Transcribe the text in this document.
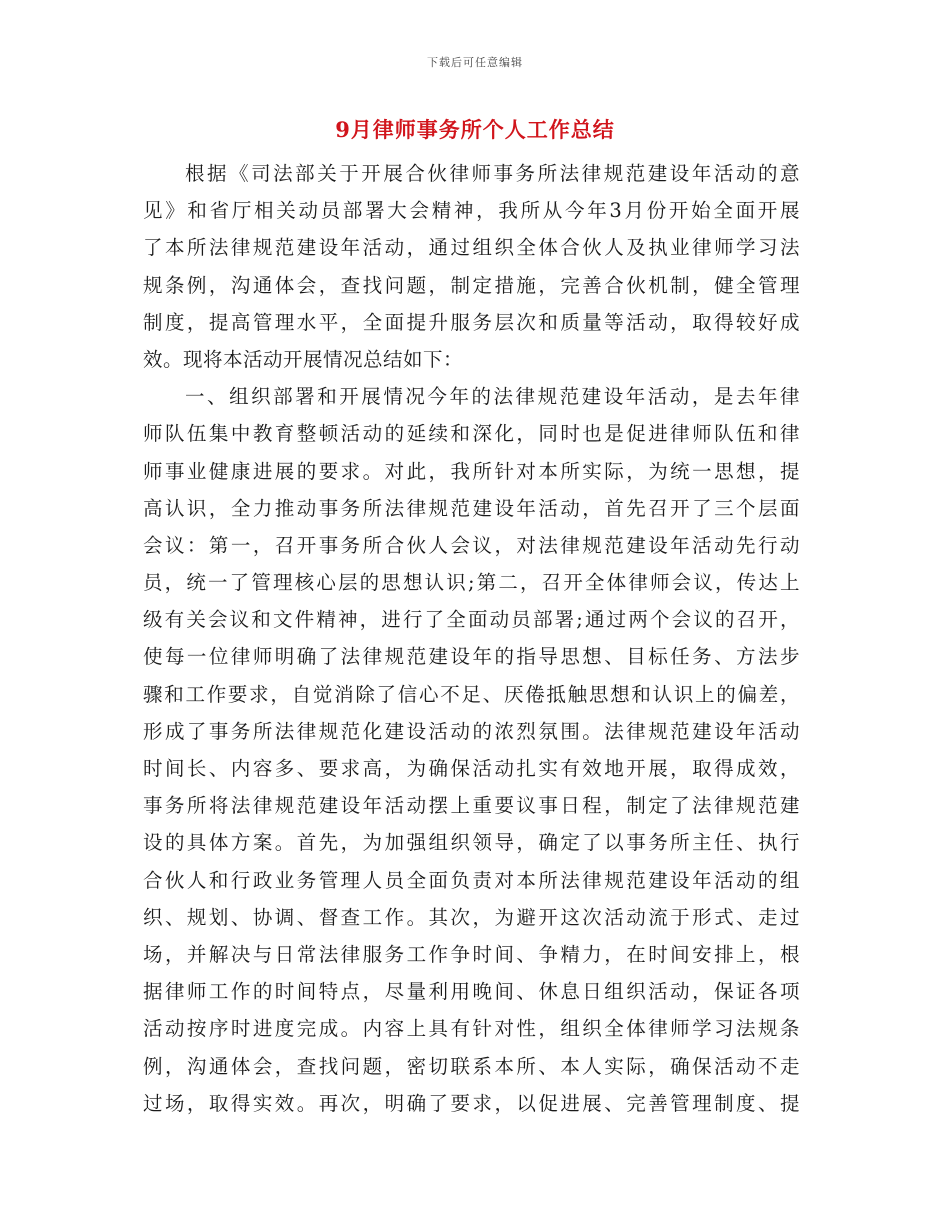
下载后可任意编辑
9月律师事务所个人工作总结
根据《司法部关于开展合伙律师事务所法律规范建设年活动的意
见》和省厅相关动员部署大会精神，我所从今年3月份开始全面开展
了本所法律规范建设年活动，通过组织全体合伙人及执业律师学习法
规条例，沟通体会，查找问题，制定措施，完善合伙机制，健全管理
制度，提高管理水平，全面提升服务层次和质量等活动，取得较好成
效。现将本活动开展情况总结如下：
一、组织部署和开展情况今年的法律规范建设年活动，是去年律
师队伍集中教育整顿活动的延续和深化，同时也是促进律师队伍和律
师事业健康进展的要求。对此，我所针对本所实际，为统一思想，提
高认识，全力推动事务所法律规范建设年活动，首先召开了三个层面
会议：第一，召开事务所合伙人会议，对法律规范建设年活动先行动
员，统一了管理核心层的思想认识;第二，召开全体律师会议，传达上
级有关会议和文件精神，进行了全面动员部署;通过两个会议的召开，
使每一位律师明确了法律规范建设年的指导思想、目标任务、方法步
骤和工作要求，自觉消除了信心不足、厌倦抵触思想和认识上的偏差，
形成了事务所法律规范化建设活动的浓烈氛围。法律规范建设年活动
时间长、内容多、要求高，为确保活动扎实有效地开展，取得成效，
事务所将法律规范建设年活动摆上重要议事日程，制定了法律规范建
设的具体方案。首先，为加强组织领导，确定了以事务所主任、执行
合伙人和行政业务管理人员全面负责对本所法律规范建设年活动的组
织、规划、协调、督查工作。其次，为避开这次活动流于形式、走过
场，并解决与日常法律服务工作争时间、争精力，在时间安排上，根
据律师工作的时间特点，尽量利用晚间、休息日组织活动，保证各项
活动按序时进度完成。内容上具有针对性，组织全体律师学习法规条
例，沟通体会，查找问题，密切联系本所、本人实际，确保活动不走
过场，取得实效。再次，明确了要求，以促进展、完善管理制度、提
